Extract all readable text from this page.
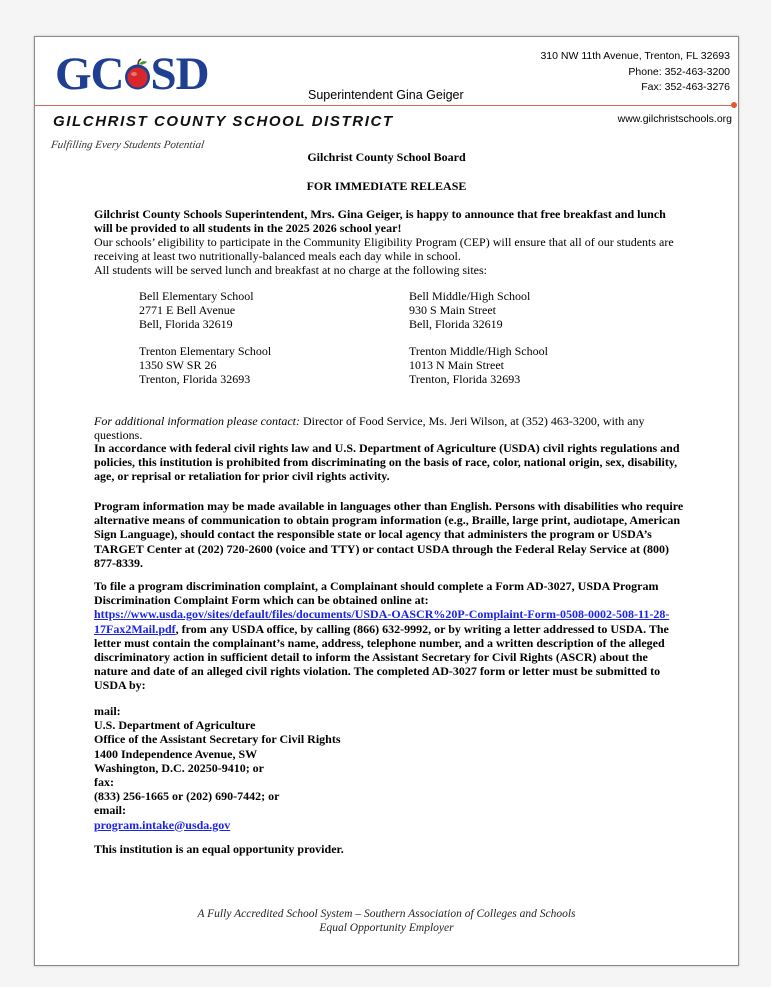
GC SD	Superintendent Gina Geiger
310 NW 11th Avenue, Trenton, FL 32693
Phone: 352-463-3200
Fax: 352-463-3276
GILCHRIST COUNTY SCHOOL DISTRICT	www.gilchristschools.org
Fulfilling Every Students Potential
Gilchrist County School Board
FOR IMMEDIATE RELEASE
Gilchrist County Schools Superintendent, Mrs. Gina Geiger, is happy to announce that free breakfast and lunch will be provided to all students in the 2025 2026 school year!
Our schools’ eligibility to participate in the Community Eligibility Program (CEP) will ensure that all of our students are receiving at least two nutritionally-balanced meals each day while in school.
All students will be served lunch and breakfast at no charge at the following sites:
Bell Elementary School
2771 E Bell Avenue
Bell, Florida 32619
Bell Middle/High School
930 S Main Street
Bell, Florida 32619
Trenton Elementary School
1350 SW SR 26
Trenton, Florida 32693
Trenton Middle/High School
1013 N Main Street
Trenton, Florida 32693
For additional information please contact: Director of Food Service, Ms. Jeri Wilson, at (352) 463-3200, with any questions.
In accordance with federal civil rights law and U.S. Department of Agriculture (USDA) civil rights regulations and policies, this institution is prohibited from discriminating on the basis of race, color, national origin, sex, disability, age, or reprisal or retaliation for prior civil rights activity.
Program information may be made available in languages other than English. Persons with disabilities who require alternative means of communication to obtain program information (e.g., Braille, large print, audiotape, American Sign Language), should contact the responsible state or local agency that administers the program or USDA’s TARGET Center at (202) 720-2600 (voice and TTY) or contact USDA through the Federal Relay Service at (800) 877-8339.
To file a program discrimination complaint, a Complainant should complete a Form AD-3027, USDA Program Discrimination Complaint Form which can be obtained online at: https://www.usda.gov/sites/default/files/documents/USDA-OASCR%20P-Complaint-Form-0508-0002-508-11-28-17Fax2Mail.pdf, from any USDA office, by calling (866) 632-9992, or by writing a letter addressed to USDA. The letter must contain the complainant’s name, address, telephone number, and a written description of the alleged discriminatory action in sufficient detail to inform the Assistant Secretary for Civil Rights (ASCR) about the nature and date of an alleged civil rights violation. The completed AD-3027 form or letter must be submitted to USDA by:
mail:
U.S. Department of Agriculture
Office of the Assistant Secretary for Civil Rights
1400 Independence Avenue, SW
Washington, D.C. 20250-9410; or
fax:
(833) 256-1665 or (202) 690-7442; or
email:
program.intake@usda.gov
This institution is an equal opportunity provider.
A Fully Accredited School System – Southern Association of Colleges and Schools
Equal Opportunity Employer
